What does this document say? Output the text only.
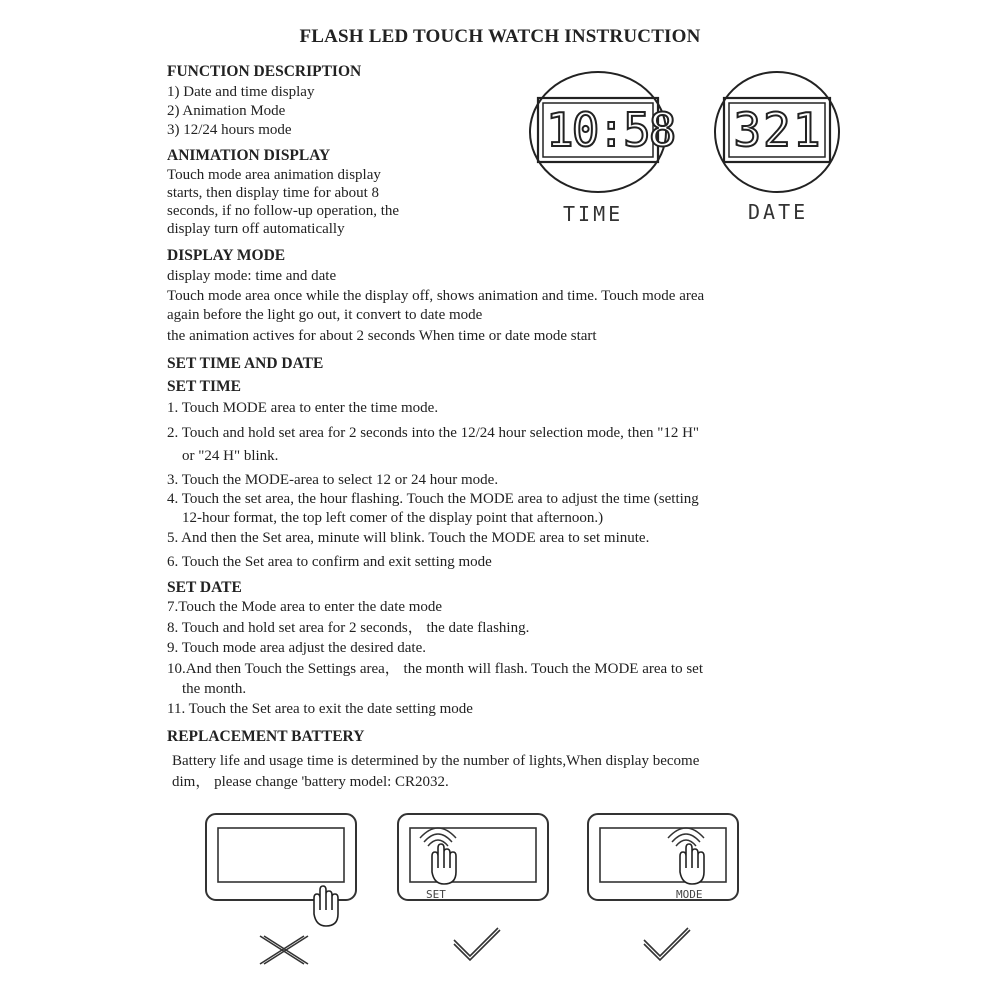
FLASH LED TOUCH WATCH INSTRUCTION
FUNCTION DESCRIPTION
1) Date and time display
2) Animation Mode
3) 12/24 hours mode
ANIMATION DISPLAY
Touch mode area animation display
starts, then display time for about 8
seconds, if no follow-up operation, the
display turn off automatically
10:58
TIME
321
DATE
DISPLAY MODE
display mode: time and date
Touch mode area once while the display off, shows animation and time. Touch mode area
again before the light go out, it convert to date mode
the animation actives for about 2 seconds When time or date mode start
SET TIME AND DATE
SET TIME
1. Touch MODE area to enter the time mode.
2. Touch and hold set area for 2 seconds into the 12/24 hour selection mode, then "12 H"
or "24 H" blink.
3. Touch the MODE-area to select 12 or 24 hour mode.
4. Touch the set area, the hour flashing. Touch the MODE area to adjust the time (setting
12-hour format, the top left comer of the display point that afternoon.)
5. And then the Set area, minute will blink. Touch the MODE area to set minute.
6. Touch the Set area to confirm and exit setting mode
SET DATE
7.Touch the Mode area to enter the date mode
8. Touch and hold set area for 2 seconds， the date flashing.
9. Touch mode area adjust the desired date.
10.And then Touch the Settings area， the month will flash. Touch the MODE area to set
the month.
11. Touch the Set area to exit the date setting mode
REPLACEMENT BATTERY
Battery life and usage time is determined by the number of lights,When display become
dim， please change 'battery model: CR2032.
SET	MODE
